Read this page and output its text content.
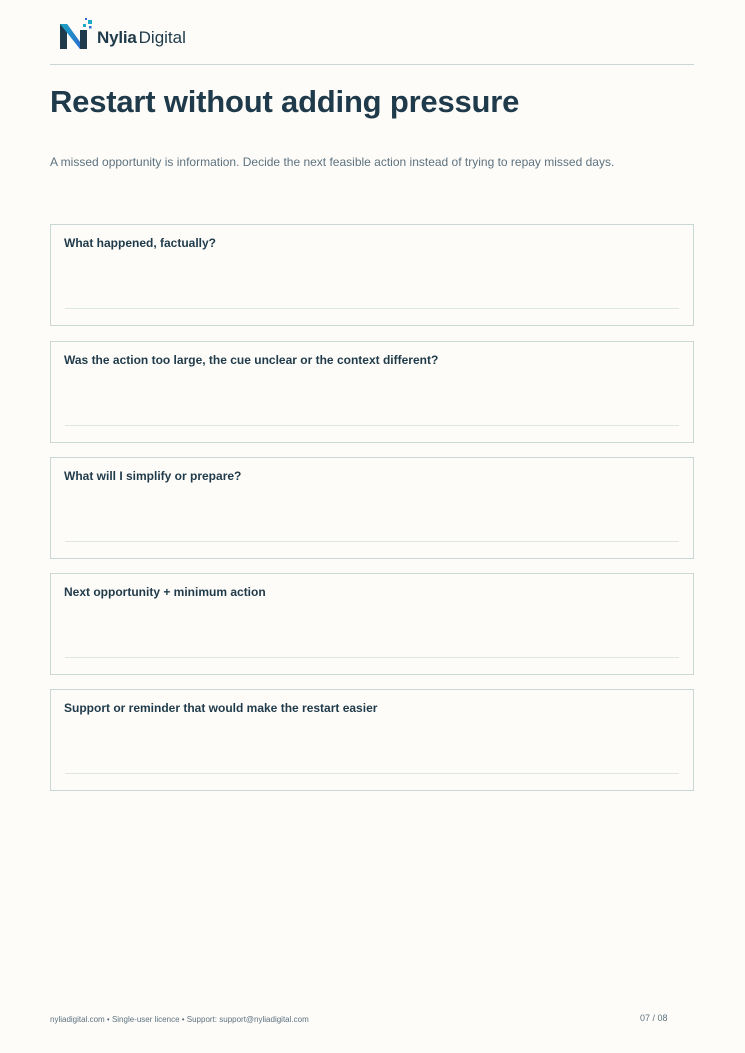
Nylia Digital
Restart without adding pressure

A missed opportunity is information. Decide the next feasible action instead of trying to repay missed days.

What happened, factually?
Was the action too large, the cue unclear or the context different?
What will I simplify or prepare?
Next opportunity + minimum action
Support or reminder that would make the restart easier
nyliadigital.com • Single-user licence • Support: support@nyliadigital.com	07 / 08
